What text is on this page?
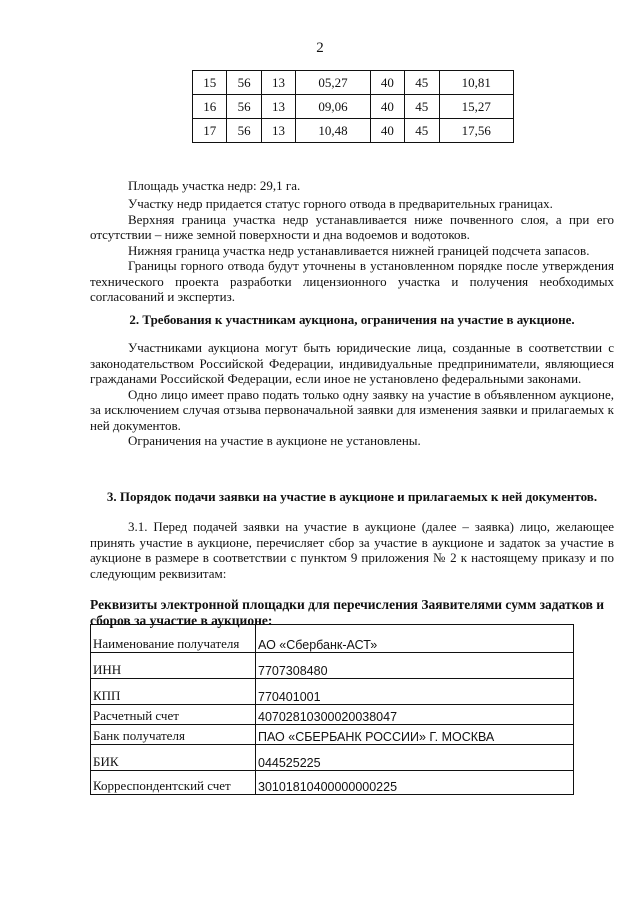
2
15	56	13	05,27	40	45	10,81
16	56	13	09,06	40	45	15,27
17	56	13	10,48	40	45	17,56
Площадь участка недр: 29,1 га.
Участку недр придается статус горного отвода в предварительных границах.
Верхняя граница участка недр устанавливается ниже почвенного слоя, а при его отсутствии – ниже земной поверхности и дна водоемов и водотоков.
Нижняя граница участка недр устанавливается нижней границей подсчета запасов.
Границы горного отвода будут уточнены в установленном порядке после утверждения технического проекта разработки лицензионного участка и получения необходимых согласований и экспертиз.
2. Требования к участникам аукциона, ограничения на участие в аукционе.
Участниками аукциона могут быть юридические лица, созданные в соответствии с законодательством Российской Федерации, индивидуальные предприниматели, являющиеся гражданами Российской Федерации, если иное не установлено федеральными законами.
Одно лицо имеет право подать только одну заявку на участие в объявленном аукционе, за исключением случая отзыва первоначальной заявки для изменения заявки и прилагаемых к ней документов.
Ограничения на участие в аукционе не установлены.
3. Порядок подачи заявки на участие в аукционе и прилагаемых к ней документов.
3.1. Перед подачей заявки на участие в аукционе (далее – заявка) лицо, желающее принять участие в аукционе, перечисляет сбор за участие в аукционе и задаток за участие в аукционе в размере в соответствии с пунктом 9 приложения № 2 к настоящему приказу и по следующим реквизитам:
Реквизиты электронной площадки для перечисления Заявителями сумм задатков и сборов за участие в аукционе:
Наименование получателя	АО «Сбербанк-АСТ»
ИНН	7707308480
КПП	770401001
Расчетный счет	40702810300020038047
Банк получателя	ПАО «СБЕРБАНК РОССИИ» Г. МОСКВА
БИК	044525225
Корреспондентский счет	30101810400000000225
